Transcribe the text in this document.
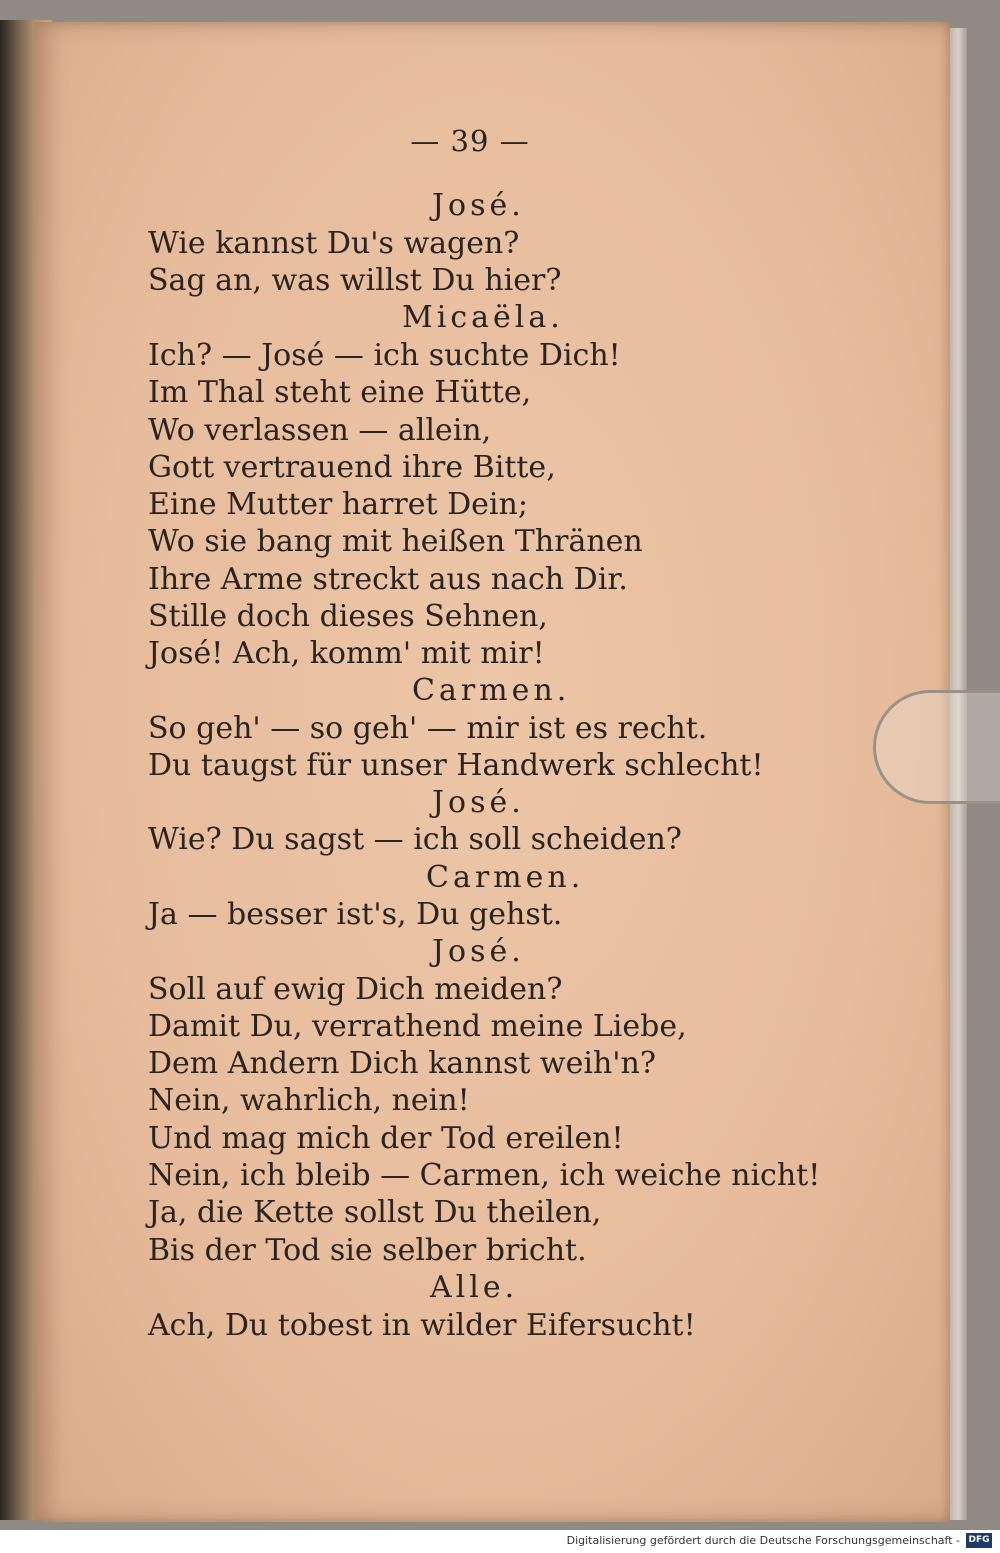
— 39 —
José.
Wie kannst Du's wagen?
Sag an, was willst Du hier?
Micaëla.
Ich? — José — ich suchte Dich!
Im Thal steht eine Hütte,
Wo verlassen — allein,
Gott vertrauend ihre Bitte,
Eine Mutter harret Dein;
Wo sie bang mit heißen Thränen
Ihre Arme streckt aus nach Dir.
Stille doch dieses Sehnen,
José! Ach, komm' mit mir!
Carmen.
So geh' — so geh' — mir ist es recht.
Du taugst für unser Handwerk schlecht!
José.
Wie? Du sagst — ich soll scheiden?
Carmen.
Ja — besser ist's, Du gehst.
José.
Soll auf ewig Dich meiden?
Damit Du, verrathend meine Liebe,
Dem Andern Dich kannst weih'n?
Nein, wahrlich, nein!
Und mag mich der Tod ereilen!
Nein, ich bleib — Carmen, ich weiche nicht!
Ja, die Kette sollst Du theilen,
Bis der Tod sie selber bricht.
Alle.
Ach, Du tobest in wilder Eifersucht!
Digitalisierung gefördert durch die Deutsche Forschungsgemeinschaft - DFG
